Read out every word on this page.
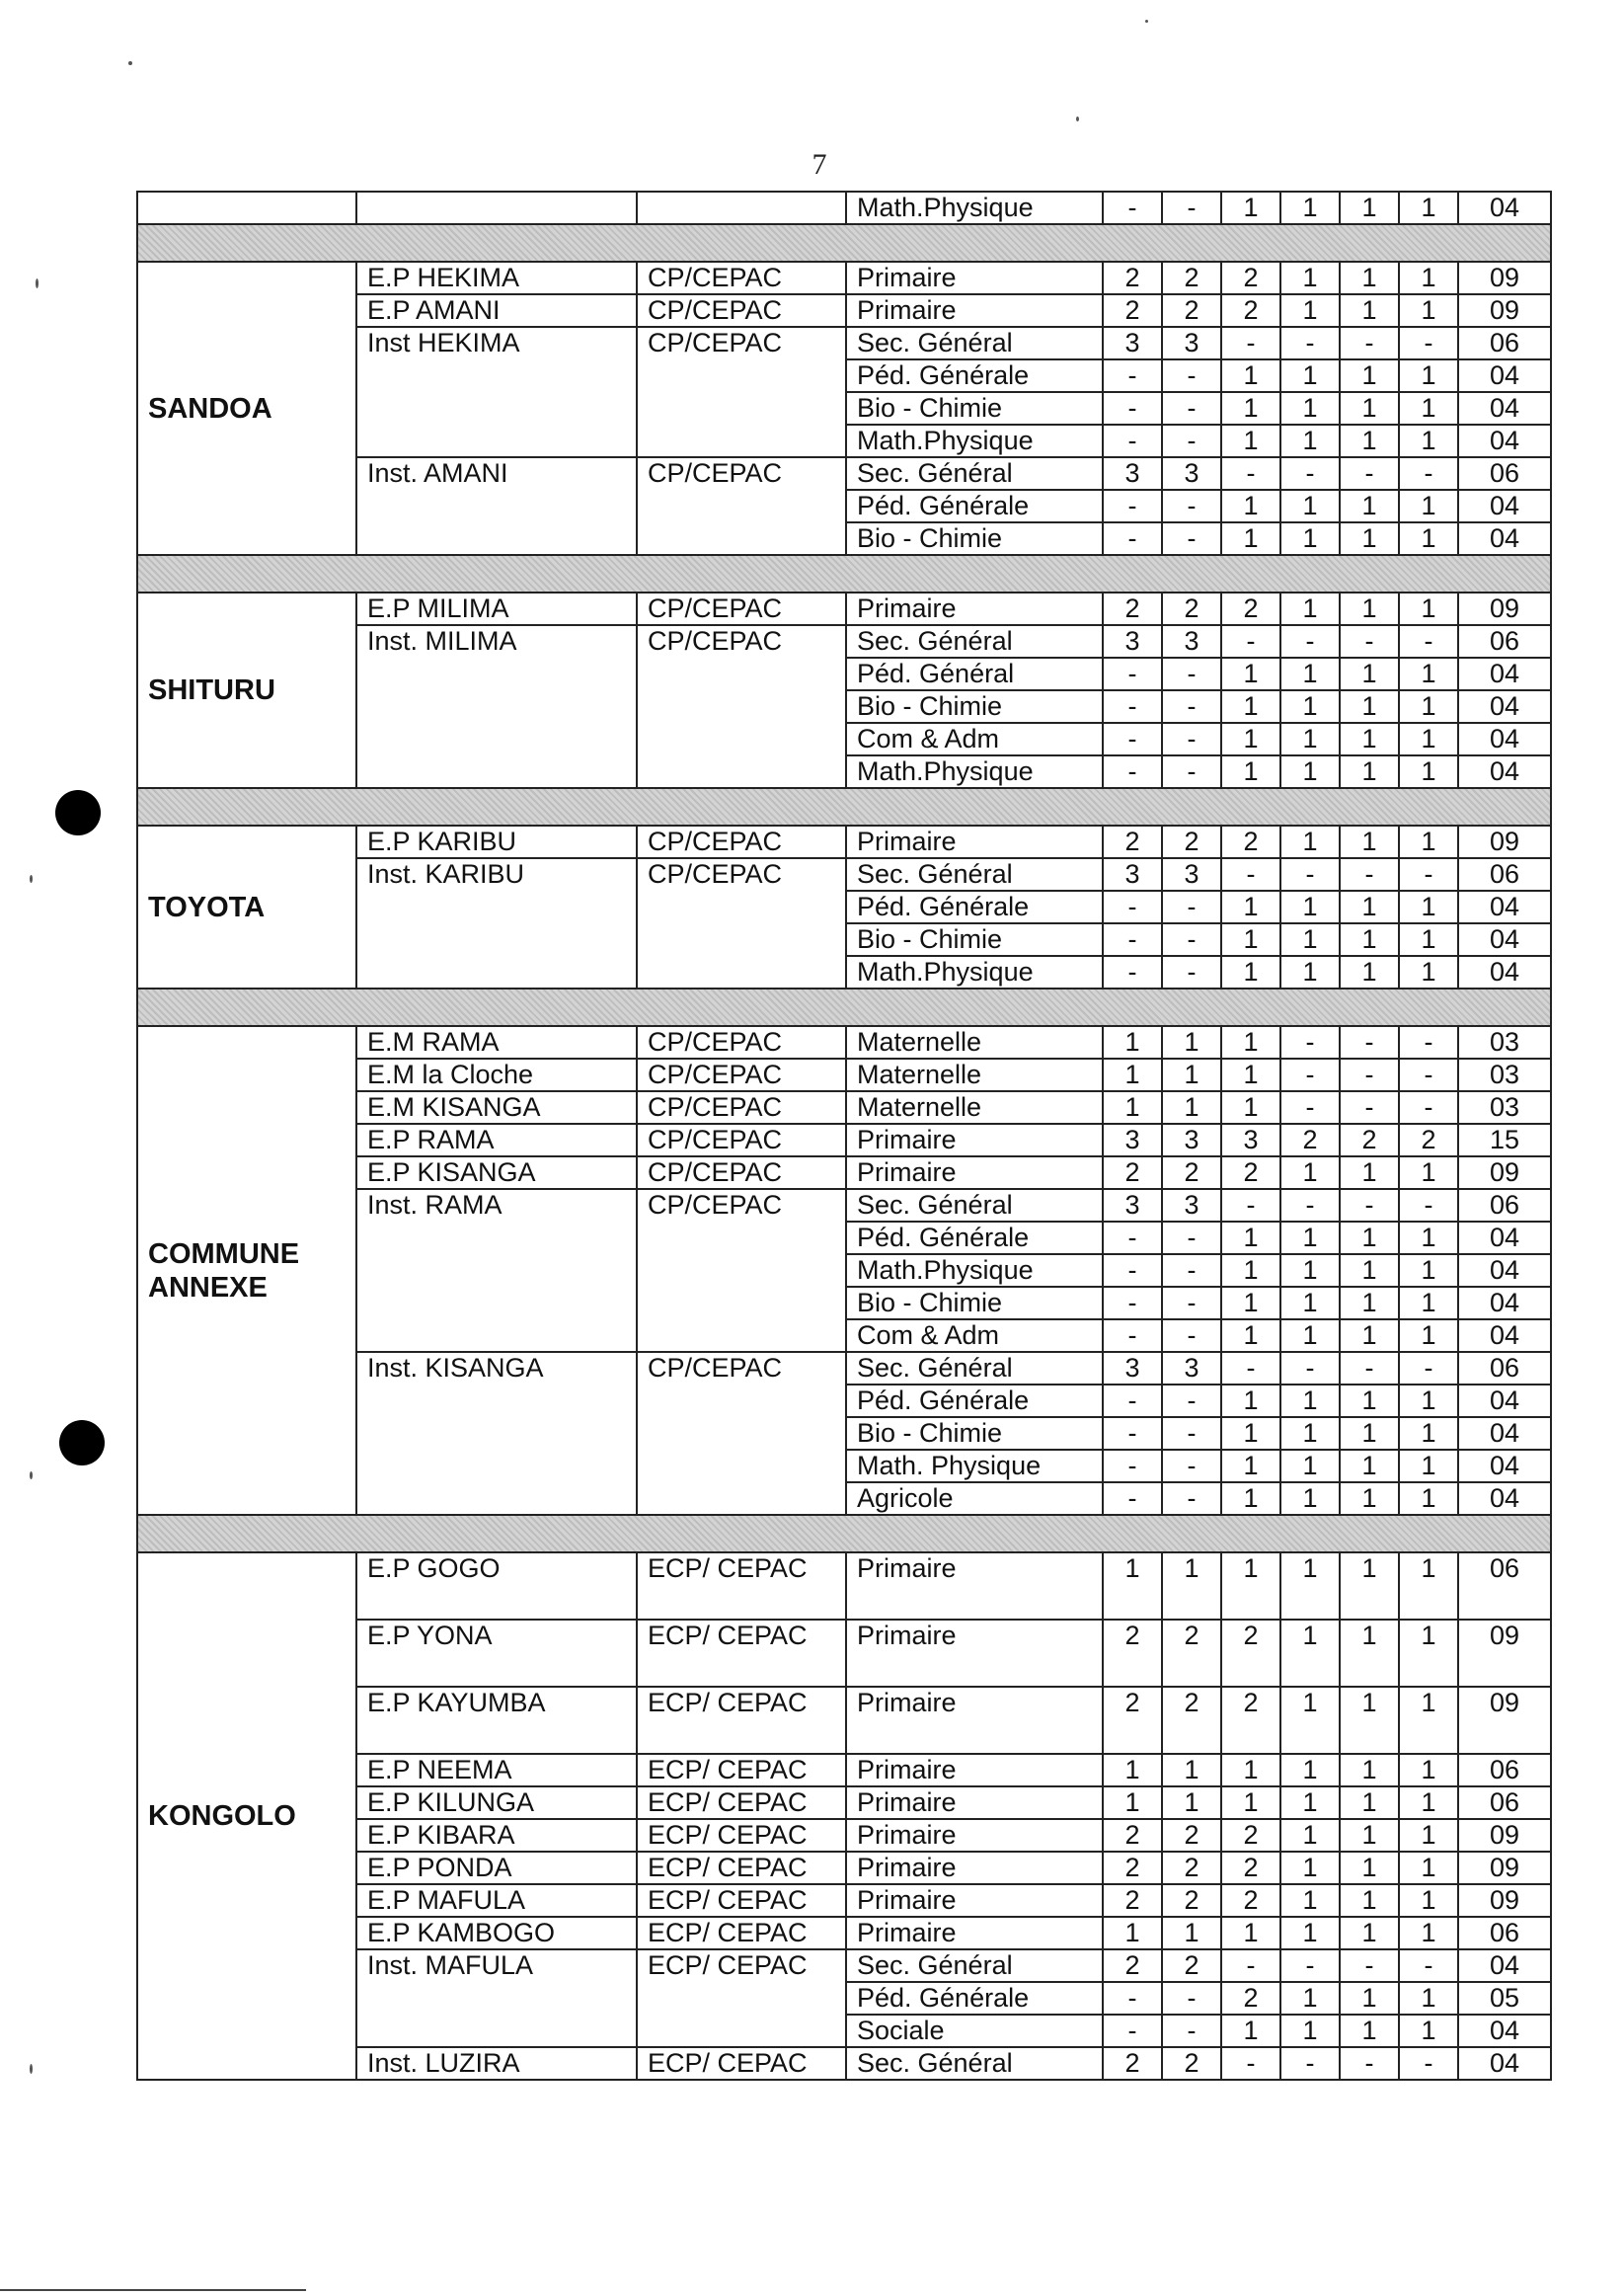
7
			Math.Physique	-	-	1	1	1	1	04

SANDOA	E.P HEKIMA	CP/CEPAC	Primaire	2	2	2	1	1	1	09
	E.P AMANI	CP/CEPAC	Primaire	2	2	2	1	1	1	09
	Inst HEKIMA	CP/CEPAC	Sec. Général	3	3	-	-	-	-	06
			Péd. Générale	-	-	1	1	1	1	04
			Bio - Chimie	-	-	1	1	1	1	04
			Math.Physique	-	-	1	1	1	1	04
	Inst. AMANI	CP/CEPAC	Sec. Général	3	3	-	-	-	-	06
			Péd. Générale	-	-	1	1	1	1	04
			Bio - Chimie	-	-	1	1	1	1	04

SHITURU	E.P MILIMA	CP/CEPAC	Primaire	2	2	2	1	1	1	09
	Inst. MILIMA	CP/CEPAC	Sec. Général	3	3	-	-	-	-	06
			Péd. Général	-	-	1	1	1	1	04
			Bio - Chimie	-	-	1	1	1	1	04
			Com & Adm	-	-	1	1	1	1	04
			Math.Physique	-	-	1	1	1	1	04

TOYOTA	E.P KARIBU	CP/CEPAC	Primaire	2	2	2	1	1	1	09
	Inst. KARIBU	CP/CEPAC	Sec. Général	3	3	-	-	-	-	06
			Péd. Générale	-	-	1	1	1	1	04
			Bio - Chimie	-	-	1	1	1	1	04
			Math.Physique	-	-	1	1	1	1	04

COMMUNE ANNEXE	E.M RAMA	CP/CEPAC	Maternelle	1	1	1	-	-	-	03
	E.M la Cloche	CP/CEPAC	Maternelle	1	1	1	-	-	-	03
	E.M KISANGA	CP/CEPAC	Maternelle	1	1	1	-	-	-	03
	E.P RAMA	CP/CEPAC	Primaire	3	3	3	2	2	2	15
	E.P KISANGA	CP/CEPAC	Primaire	2	2	2	1	1	1	09
	Inst. RAMA	CP/CEPAC	Sec. Général	3	3	-	-	-	-	06
			Péd. Générale	-	-	1	1	1	1	04
			Math.Physique	-	-	1	1	1	1	04
			Bio - Chimie	-	-	1	1	1	1	04
			Com & Adm	-	-	1	1	1	1	04
	Inst. KISANGA	CP/CEPAC	Sec. Général	3	3	-	-	-	-	06
			Péd. Générale	-	-	1	1	1	1	04
			Bio - Chimie	-	-	1	1	1	1	04
			Math. Physique	-	-	1	1	1	1	04
			Agricole	-	-	1	1	1	1	04

KONGOLO	E.P GOGO	ECP/ CEPAC	Primaire	1	1	1	1	1	1	06
	E.P YONA	ECP/ CEPAC	Primaire	2	2	2	1	1	1	09
	E.P KAYUMBA	ECP/ CEPAC	Primaire	2	2	2	1	1	1	09
	E.P NEEMA	ECP/ CEPAC	Primaire	1	1	1	1	1	1	06
	E.P KILUNGA	ECP/ CEPAC	Primaire	1	1	1	1	1	1	06
	E.P KIBARA	ECP/ CEPAC	Primaire	2	2	2	1	1	1	09
	E.P PONDA	ECP/ CEPAC	Primaire	2	2	2	1	1	1	09
	E.P MAFULA	ECP/ CEPAC	Primaire	2	2	2	1	1	1	09
	E.P KAMBOGO	ECP/ CEPAC	Primaire	1	1	1	1	1	1	06
	Inst. MAFULA	ECP/ CEPAC	Sec. Général	2	2	-	-	-	-	04
			Péd. Générale	-	-	2	1	1	1	05
			Sociale	-	-	1	1	1	1	04
	Inst. LUZIRA	ECP/ CEPAC	Sec. Général	2	2	-	-	-	-	04
